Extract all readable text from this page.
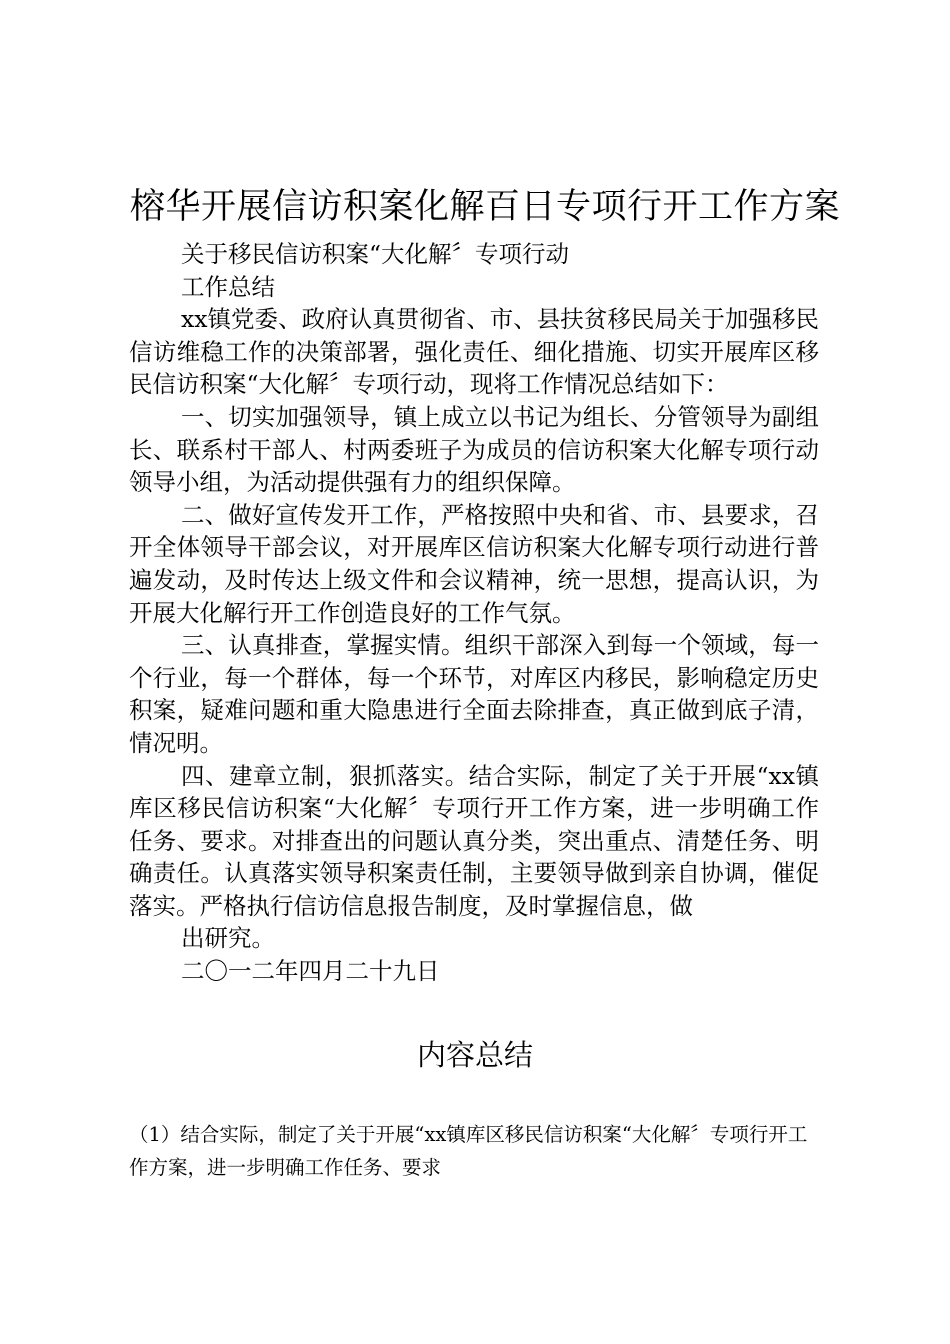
榕华开展信访积案化解百日专项行开工作方案

关于移民信访积案“大化解〞专项行动

工作总结

xx镇党委、政府认真贯彻省、市、县扶贫移民局关于加强移民信访维稳工作的决策部署，强化责任、细化措施、切实开展库区移民信访积案“大化解〞专项行动，现将工作情况总结如下：

一、切实加强领导，镇上成立以书记为组长、分管领导为副组长、联系村干部人、村两委班子为成员的信访积案大化解专项行动领导小组，为活动提供强有力的组织保障。

二、做好宣传发开工作，严格按照中央和省、市、县要求，召开全体领导干部会议，对开展库区信访积案大化解专项行动进行普遍发动，及时传达上级文件和会议精神，统一思想，提高认识，为开展大化解行开工作创造良好的工作气氛。

三、认真排查，掌握实情。组织干部深入到每一个领域，每一个行业，每一个群体，每一个环节，对库区内移民，影响稳定历史积案，疑难问题和重大隐患进行全面去除排查，真正做到底子清，情况明。

四、建章立制，狠抓落实。结合实际，制定了关于开展“xx镇库区移民信访积案“大化解〞专项行开工作方案，进一步明确工作任务、要求。对排查出的问题认真分类，突出重点、清楚任务、明确责任。认真落实领导积案责任制，主要领导做到亲自协调，催促落实。严格执行信访信息报告制度，及时掌握信息，做

出研究。

二〇一二年四月二十九日

内容总结

（1）结合实际，制定了关于开展“xx镇库区移民信访积案“大化解〞专项行开工作方案，进一步明确工作任务、要求
